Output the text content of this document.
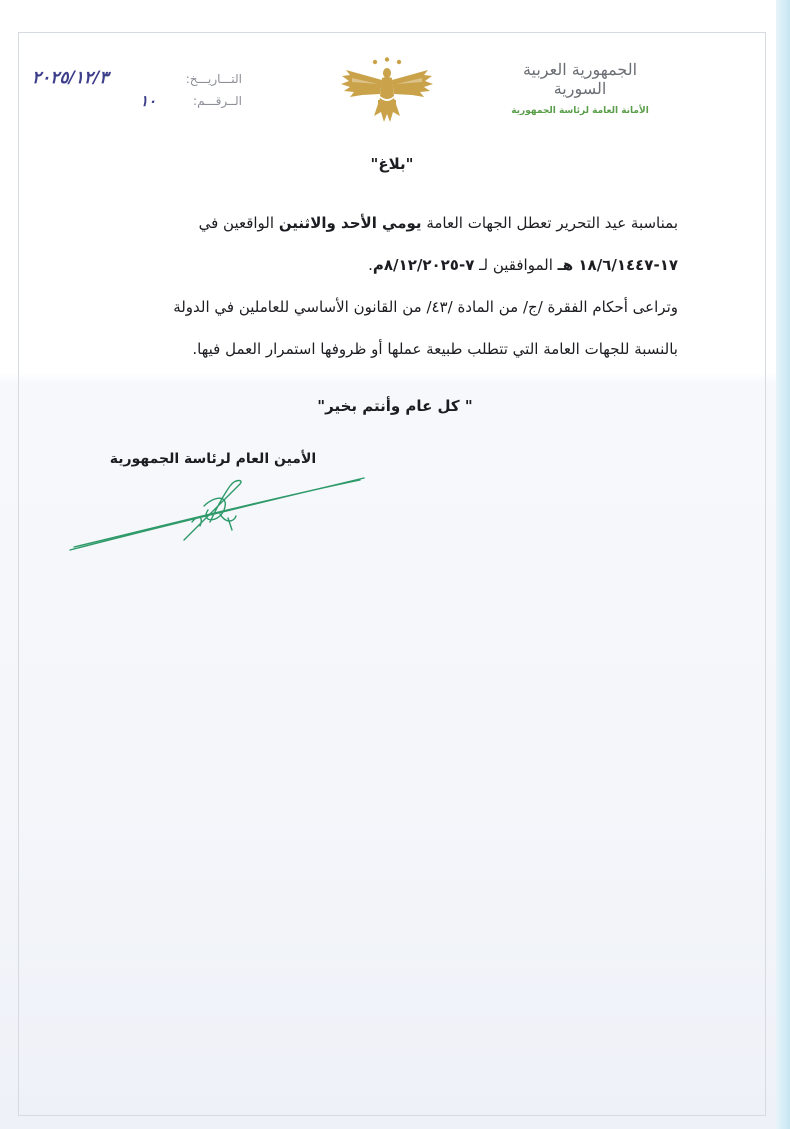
٢٠٢٥/١٢/٣	التـــاريـــخ:
١٠	الــرقـــم:
الجمهورية العربية السورية
الأمانة العامة لرئاسة الجمهورية
"بلاغ"
بمناسبة عيد التحرير تعطل الجهات العامة يومي الأحد والاثنين الواقعين في
١٧-١٨/٦/١٤٤٧ هـ الموافقين لـ ٧-٨/١٢/٢٠٢٥م.
وتراعى أحكام الفقرة /ج/ من المادة /٤٣/ من القانون الأساسي للعاملين في الدولة
بالنسبة للجهات العامة التي تتطلب طبيعة عملها أو ظروفها استمرار العمل فيها.
" كل عام وأنتم بخير"
الأمين العام لرئاسة الجمهورية
